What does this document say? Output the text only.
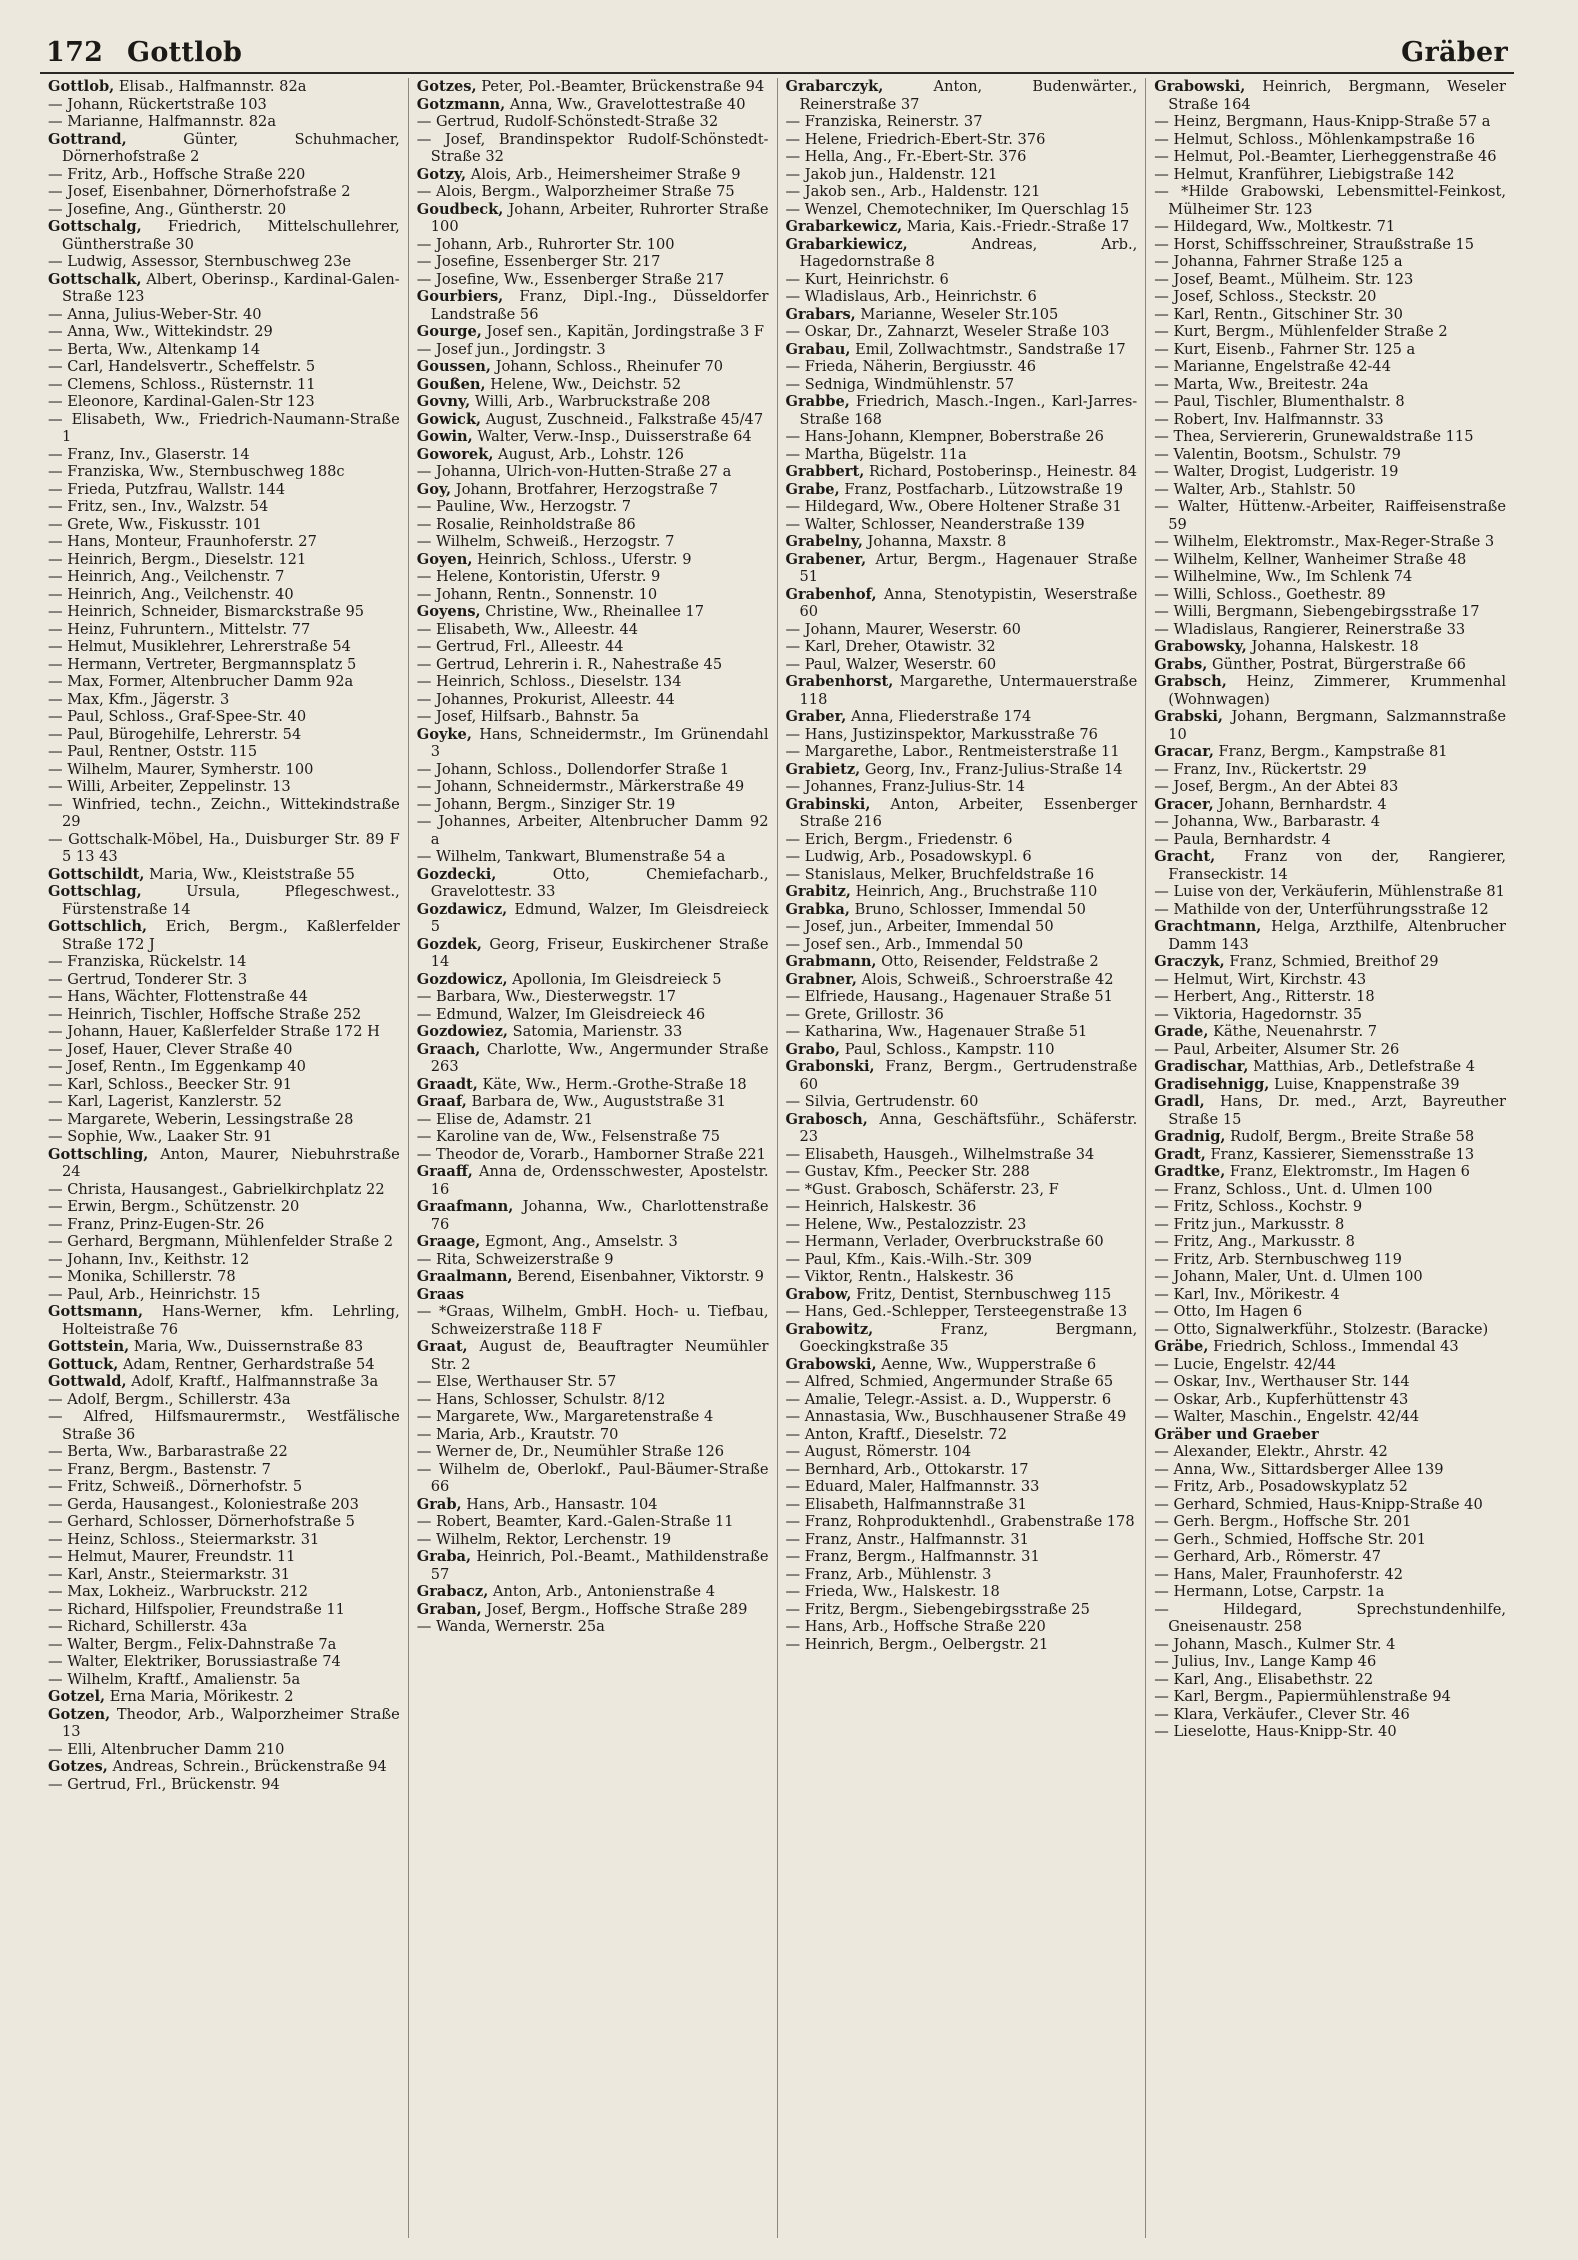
172 Gottlob	Gräber

Gottlob, Elisab., Halfmannstr. 82a

— Johann, Rückertstraße 103

— Marianne, Halfmannstr. 82a

Gottrand, Günter, Schuhmacher, Dörnerhofstraße 2

— Fritz, Arb., Hoffsche Straße 220

— Josef, Eisenbahner, Dörnerhofstraße 2

— Josefine, Ang., Güntherstr. 20

Gottschalg, Friedrich, Mittelschullehrer, Güntherstraße 30

— Ludwig, Assessor, Sternbuschweg 23e

Gottschalk, Albert, Oberinsp., Kardinal-Galen-Straße 123

— Anna, Julius-Weber-Str. 40

— Anna, Ww., Wittekindstr. 29

— Berta, Ww., Altenkamp 14

— Carl, Handelsvertr., Scheffelstr. 5

— Clemens, Schloss., Rüsternstr. 11

— Eleonore, Kardinal-Galen-Str 123

— Elisabeth, Ww., Friedrich-Naumann-Straße 1

— Franz, Inv., Glaserstr. 14

— Franziska, Ww., Sternbuschweg 188c

— Frieda, Putzfrau, Wallstr. 144

— Fritz, sen., Inv., Walzstr. 54

— Grete, Ww., Fiskusstr. 101

— Hans, Monteur, Fraunhoferstr. 27

— Heinrich, Bergm., Dieselstr. 121

— Heinrich, Ang., Veilchenstr. 7

— Heinrich, Ang., Veilchenstr. 40

— Heinrich, Schneider, Bismarckstraße 95

— Heinz, Fuhruntern., Mittelstr. 77

— Helmut, Musiklehrer, Lehrerstraße 54

— Hermann, Vertreter, Bergmannsplatz 5

— Max, Former, Altenbrucher Damm 92a

— Max, Kfm., Jägerstr. 3

— Paul, Schloss., Graf-Spee-Str. 40

— Paul, Bürogehilfe, Lehrerstr. 54

— Paul, Rentner, Oststr. 115

— Wilhelm, Maurer, Symherstr. 100

— Willi, Arbeiter, Zeppelinstr. 13

— Winfried, techn., Zeichn., Wittekindstraße 29

— Gottschalk-Möbel, Ha., Duisburger Str. 89 F 5 13 43

Gottschildt, Maria, Ww., Kleiststraße 55

Gottschlag, Ursula, Pflegeschwest., Fürstenstraße 14

Gottschlich, Erich, Bergm., Kaßlerfelder Straße 172 J

— Franziska, Rückelstr. 14

— Gertrud, Tonderer Str. 3

— Hans, Wächter, Flottenstraße 44

— Heinrich, Tischler, Hoffsche Straße 252

— Johann, Hauer, Kaßlerfelder Straße 172 H

— Josef, Hauer, Clever Straße 40

— Josef, Rentn., Im Eggenkamp 40

— Karl, Schloss., Beecker Str. 91

— Karl, Lagerist, Kanzlerstr. 52

— Margarete, Weberin, Lessingstraße 28

— Sophie, Ww., Laaker Str. 91

Gottschling, Anton, Maurer, Niebuhrstraße 24

— Christa, Hausangest., Gabrielkirchplatz 22

— Erwin, Bergm., Schützenstr. 20

— Franz, Prinz-Eugen-Str. 26

— Gerhard, Bergmann, Mühlenfelder Straße 2

— Johann, Inv., Keithstr. 12

— Monika, Schillerstr. 78

— Paul, Arb., Heinrichstr. 15

Gottsmann, Hans-Werner, kfm. Lehrling, Holteistraße 76

Gottstein, Maria, Ww., Duissernstraße 83

Gottuck, Adam, Rentner, Gerhardstraße 54

Gottwald, Adolf, Kraftf., Halfmannstraße 3a

— Adolf, Bergm., Schillerstr. 43a

— Alfred, Hilfsmaurermstr., Westfälische Straße 36

— Berta, Ww., Barbarastraße 22

— Franz, Bergm., Bastenstr. 7

— Fritz, Schweiß., Dörnerhofstr. 5

— Gerda, Hausangest., Koloniestraße 203

— Gerhard, Schlosser, Dörnerhofstraße 5

— Heinz, Schloss., Steiermarkstr. 31

— Helmut, Maurer, Freundstr. 11

— Karl, Anstr., Steiermarkstr. 31

— Max, Lokheiz., Warbruckstr. 212

— Richard, Hilfspolier, Freundstraße 11

— Richard, Schillerstr. 43a

— Walter, Bergm., Felix-Dahnstraße 7a

— Walter, Elektriker, Borussiastraße 74

— Wilhelm, Kraftf., Amalienstr. 5a

Gotzel, Erna Maria, Mörikestr. 2

Gotzen, Theodor, Arb., Walporzheimer Straße 13

— Elli, Altenbrucher Damm 210

Gotzes, Andreas, Schrein., Brückenstraße 94

— Gertrud, Frl., Brückenstr. 94

Gotzes, Peter, Pol.-Beamter, Brückenstraße 94

Gotzmann, Anna, Ww., Gravelottestraße 40

— Gertrud, Rudolf-Schönstedt-Straße 32

— Josef, Brandinspektor Rudolf-Schönstedt-Straße 32

Gotzy, Alois, Arb., Heimersheimer Straße 9

— Alois, Bergm., Walporzheimer Straße 75

Goudbeck, Johann, Arbeiter, Ruhrorter Straße 100

— Johann, Arb., Ruhrorter Str. 100

— Josefine, Essenberger Str. 217

— Josefine, Ww., Essenberger Straße 217

Gourbiers, Franz, Dipl.-Ing., Düsseldorfer Landstraße 56

Gourge, Josef sen., Kapitän, Jordingstraße 3 F

— Josef jun., Jordingstr. 3

Goussen, Johann, Schloss., Rheinufer 70

Goußen, Helene, Ww., Deichstr. 52

Govny, Willi, Arb., Warbruckstraße 208

Gowick, August, Zuschneid., Falkstraße 45/47

Gowin, Walter, Verw.-Insp., Duisserstraße 64

Goworek, August, Arb., Lohstr. 126

— Johanna, Ulrich-von-Hutten-Straße 27 a

Goy, Johann, Brotfahrer, Herzogstraße 7

— Pauline, Ww., Herzogstr. 7

— Rosalie, Reinholdstraße 86

— Wilhelm, Schweiß., Herzogstr. 7

Goyen, Heinrich, Schloss., Uferstr. 9

— Helene, Kontoristin, Uferstr. 9

— Johann, Rentn., Sonnenstr. 10

Goyens, Christine, Ww., Rheinallee 17

— Elisabeth, Ww., Alleestr. 44

— Gertrud, Frl., Alleestr. 44

— Gertrud, Lehrerin i. R., Nahestraße 45

— Heinrich, Schloss., Dieselstr. 134

— Johannes, Prokurist, Alleestr. 44

— Josef, Hilfsarb., Bahnstr. 5a

Goyke, Hans, Schneidermstr., Im Grünendahl 3

— Johann, Schloss., Dollendorfer Straße 1

— Johann, Schneidermstr., Märkerstraße 49

— Johann, Bergm., Sinziger Str. 19

— Johannes, Arbeiter, Altenbrucher Damm 92 a

— Wilhelm, Tankwart, Blumenstraße 54 a

Gozdecki, Otto, Chemiefacharb., Gravelottestr. 33

Gozdawicz, Edmund, Walzer, Im Gleisdreieck 5

Gozdek, Georg, Friseur, Euskirchener Straße 14

Gozdowicz, Apollonia, Im Gleisdreieck 5

— Barbara, Ww., Diesterwegstr. 17

— Edmund, Walzer, Im Gleisdreieck 46

Gozdowiez, Satomia, Marienstr. 33

Graach, Charlotte, Ww., Angermunder Straße 263

Graadt, Käte, Ww., Herm.-Grothe-Straße 18

Graaf, Barbara de, Ww., Auguststraße 31

— Elise de, Adamstr. 21

— Karoline van de, Ww., Felsenstraße 75

— Theodor de, Vorarb., Hamborner Straße 221

Graaff, Anna de, Ordensschwester, Apostelstr. 16

Graafmann, Johanna, Ww., Charlottenstraße 76

Graage, Egmont, Ang., Amselstr. 3

— Rita, Schweizerstraße 9

Graalmann, Berend, Eisenbahner, Viktorstr. 9

Graas

— *Graas, Wilhelm, GmbH. Hoch- u. Tiefbau, Schweizerstraße 118 F

Graat, August de, Beauftragter Neumühler Str. 2

— Else, Werthauser Str. 57

— Hans, Schlosser, Schulstr. 8/12

— Margarete, Ww., Margaretenstraße 4

— Maria, Arb., Krautstr. 70

— Werner de, Dr., Neumühler Straße 126

— Wilhelm de, Oberlokf., Paul-Bäumer-Straße 66

Grab, Hans, Arb., Hansastr. 104

— Robert, Beamter, Kard.-Galen-Straße 11

— Wilhelm, Rektor, Lerchenstr. 19

Graba, Heinrich, Pol.-Beamt., Mathildenstraße 57

Grabacz, Anton, Arb., Antonienstraße 4

Graban, Josef, Bergm., Hoffsche Straße 289

— Wanda, Wernerstr. 25a

Grabarczyk, Anton, Budenwärter., Reinerstraße 37

— Franziska, Reinerstr. 37

— Helene, Friedrich-Ebert-Str. 376

— Hella, Ang., Fr.-Ebert-Str. 376

— Jakob jun., Haldenstr. 121

— Jakob sen., Arb., Haldenstr. 121

— Wenzel, Chemotechniker, Im Querschlag 15

Grabarkewicz, Maria, Kais.-Friedr.-Straße 17

Grabarkiewicz, Andreas, Arb., Hagedornstraße 8

— Kurt, Heinrichstr. 6

— Wladislaus, Arb., Heinrichstr. 6

Grabars, Marianne, Weseler Str.105

— Oskar, Dr., Zahnarzt, Weseler Straße 103

Grabau, Emil, Zollwachtmstr., Sandstraße 17

— Frieda, Näherin, Bergiusstr. 46

— Sedniga, Windmühlenstr. 57

Grabbe, Friedrich, Masch.-Ingen., Karl-Jarres-Straße 168

— Hans-Johann, Klempner, Boberstraße 26

— Martha, Bügelstr. 11a

Grabbert, Richard, Postoberinsp., Heinestr. 84

Grabe, Franz, Postfacharb., Lützowstraße 19

— Hildegard, Ww., Obere Holtener Straße 31

— Walter, Schlosser, Neanderstraße 139

Grabelny, Johanna, Maxstr. 8

Grabener, Artur, Bergm., Hagenauer Straße 51

Grabenhof, Anna, Stenotypistin, Weserstraße 60

— Johann, Maurer, Weserstr. 60

— Karl, Dreher, Otawistr. 32

— Paul, Walzer, Weserstr. 60

Grabenhorst, Margarethe, Untermauerstraße 118

Graber, Anna, Fliederstraße 174

— Hans, Justizinspektor, Markusstraße 76

— Margarethe, Labor., Rentmeisterstraße 11

Grabietz, Georg, Inv., Franz-Julius-Straße 14

— Johannes, Franz-Julius-Str. 14

Grabinski, Anton, Arbeiter, Essenberger Straße 216

— Erich, Bergm., Friedenstr. 6

— Ludwig, Arb., Posadowskypl. 6

— Stanislaus, Melker, Bruchfeldstraße 16

Grabitz, Heinrich, Ang., Bruchstraße 110

Grabka, Bruno, Schlosser, Immendal 50

— Josef, jun., Arbeiter, Immendal 50

— Josef sen., Arb., Immendal 50

Grabmann, Otto, Reisender, Feldstraße 2

Grabner, Alois, Schweiß., Schroerstraße 42

— Elfriede, Hausang., Hagenauer Straße 51

— Grete, Grillostr. 36

— Katharina, Ww., Hagenauer Straße 51

Grabo, Paul, Schloss., Kampstr. 110

Grabonski, Franz, Bergm., Gertrudenstraße 60

— Silvia, Gertrudenstr. 60

Grabosch, Anna, Geschäftsführ., Schäferstr. 23

— Elisabeth, Hausgeh., Wilhelmstraße 34

— Gustav, Kfm., Peecker Str. 288

— *Gust. Grabosch, Schäferstr. 23, F

— Heinrich, Halskestr. 36

— Helene, Ww., Pestalozzistr. 23

— Hermann, Verlader, Overbruckstraße 60

— Paul, Kfm., Kais.-Wilh.-Str. 309

— Viktor, Rentn., Halskestr. 36

Grabow, Fritz, Dentist, Sternbuschweg 115

— Hans, Ged.-Schlepper, Tersteegenstraße 13

Grabowitz, Franz, Bergmann, Goeckingkstraße 35

Grabowski, Aenne, Ww., Wupperstraße 6

— Alfred, Schmied, Angermunder Straße 65

— Amalie, Telegr.-Assist. a. D., Wupperstr. 6

— Annastasia, Ww., Buschhausener Straße 49

— Anton, Kraftf., Dieselstr. 72

— August, Römerstr. 104

— Bernhard, Arb., Ottokarstr. 17

— Eduard, Maler, Halfmannstr. 33

— Elisabeth, Halfmannstraße 31

— Franz, Rohproduktenhdl., Grabenstraße 178

— Franz, Anstr., Halfmannstr. 31

— Franz, Bergm., Halfmannstr. 31

— Franz, Arb., Mühlenstr. 3

— Frieda, Ww., Halskestr. 18

— Fritz, Bergm., Siebengebirgsstraße 25

— Hans, Arb., Hoffsche Straße 220

— Heinrich, Bergm., Oelbergstr. 21

Grabowski, Heinrich, Bergmann, Weseler Straße 164

— Heinz, Bergmann, Haus-Knipp-Straße 57 a

— Helmut, Schloss., Möhlenkampstraße 16

— Helmut, Pol.-Beamter, Lierheggenstraße 46

— Helmut, Kranführer, Liebigstraße 142

— *Hilde Grabowski, Lebensmittel-Feinkost, Mülheimer Str. 123

— Hildegard, Ww., Moltkestr. 71

— Horst, Schiffsschreiner, Straußstraße 15

— Johanna, Fahrner Straße 125 a

— Josef, Beamt., Mülheim. Str. 123

— Josef, Schloss., Steckstr. 20

— Karl, Rentn., Gitschiner Str. 30

— Kurt, Bergm., Mühlenfelder Straße 2

— Kurt, Eisenb., Fahrner Str. 125 a

— Marianne, Engelstraße 42-44

— Marta, Ww., Breitestr. 24a

— Paul, Tischler, Blumenthalstr. 8

— Robert, Inv. Halfmannstr. 33

— Thea, Serviererin, Grunewaldstraße 115

— Valentin, Bootsm., Schulstr. 79

— Walter, Drogist, Ludgeristr. 19

— Walter, Arb., Stahlstr. 50

— Walter, Hüttenw.-Arbeiter, Raiffeisenstraße 59

— Wilhelm, Elektromstr., Max-Reger-Straße 3

— Wilhelm, Kellner, Wanheimer Straße 48

— Wilhelmine, Ww., Im Schlenk 74

— Willi, Schloss., Goethestr. 89

— Willi, Bergmann, Siebengebirgsstraße 17

— Wladislaus, Rangierer, Reinerstraße 33

Grabowsky, Johanna, Halskestr. 18

Grabs, Günther, Postrat, Bürgerstraße 66

Grabsch, Heinz, Zimmerer, Krummenhal (Wohnwagen)

Grabski, Johann, Bergmann, Salzmannstraße 10

Gracar, Franz, Bergm., Kampstraße 81

— Franz, Inv., Rückertstr. 29

— Josef, Bergm., An der Abtei 83

Gracer, Johann, Bernhardstr. 4

— Johanna, Ww., Barbarastr. 4

— Paula, Bernhardstr. 4

Gracht, Franz von der, Rangierer, Franseckistr. 14

— Luise von der, Verkäuferin, Mühlenstraße 81

— Mathilde von der, Unterführungsstraße 12

Grachtmann, Helga, Arzthilfe, Altenbrucher Damm 143

Graczyk, Franz, Schmied, Breithof 29

— Helmut, Wirt, Kirchstr. 43

— Herbert, Ang., Ritterstr. 18

— Viktoria, Hagedornstr. 35

Grade, Käthe, Neuenahrstr. 7

— Paul, Arbeiter, Alsumer Str. 26

Gradischar, Matthias, Arb., Detlefstraße 4

Gradisehnigg, Luise, Knappenstraße 39

Gradl, Hans, Dr. med., Arzt, Bayreuther Straße 15

Gradnig, Rudolf, Bergm., Breite Straße 58

Gradt, Franz, Kassierer, Siemensstraße 13

Gradtke, Franz, Elektromstr., Im Hagen 6

— Franz, Schloss., Unt. d. Ulmen 100

— Fritz, Schloss., Kochstr. 9

— Fritz jun., Markusstr. 8

— Fritz, Ang., Markusstr. 8

— Fritz, Arb. Sternbuschweg 119

— Johann, Maler, Unt. d. Ulmen 100

— Karl, Inv., Mörikestr. 4

— Otto, Im Hagen 6

— Otto, Signalwerkführ., Stolzestr. (Baracke)

Gräbe, Friedrich, Schloss., Immendal 43

— Lucie, Engelstr. 42/44

— Oskar, Inv., Werthauser Str. 144

— Oskar, Arb., Kupferhüttenstr 43

— Walter, Maschin., Engelstr. 42/44

Gräber und Graeber

— Alexander, Elektr., Ahrstr. 42

— Anna, Ww., Sittardsberger Allee 139

— Fritz, Arb., Posadowskyplatz 52

— Gerhard, Schmied, Haus-Knipp-Straße 40

— Gerh. Bergm., Hoffsche Str. 201

— Gerh., Schmied, Hoffsche Str. 201

— Gerhard, Arb., Römerstr. 47

— Hans, Maler, Fraunhoferstr. 42

— Hermann, Lotse, Carpstr. 1a

— Hildegard, Sprechstundenhilfe, Gneisenaustr. 258

— Johann, Masch., Kulmer Str. 4

— Julius, Inv., Lange Kamp 46

— Karl, Ang., Elisabethstr. 22

— Karl, Bergm., Papiermühlenstraße 94

— Klara, Verkäufer., Clever Str. 46

— Lieselotte, Haus-Knipp-Str. 40
